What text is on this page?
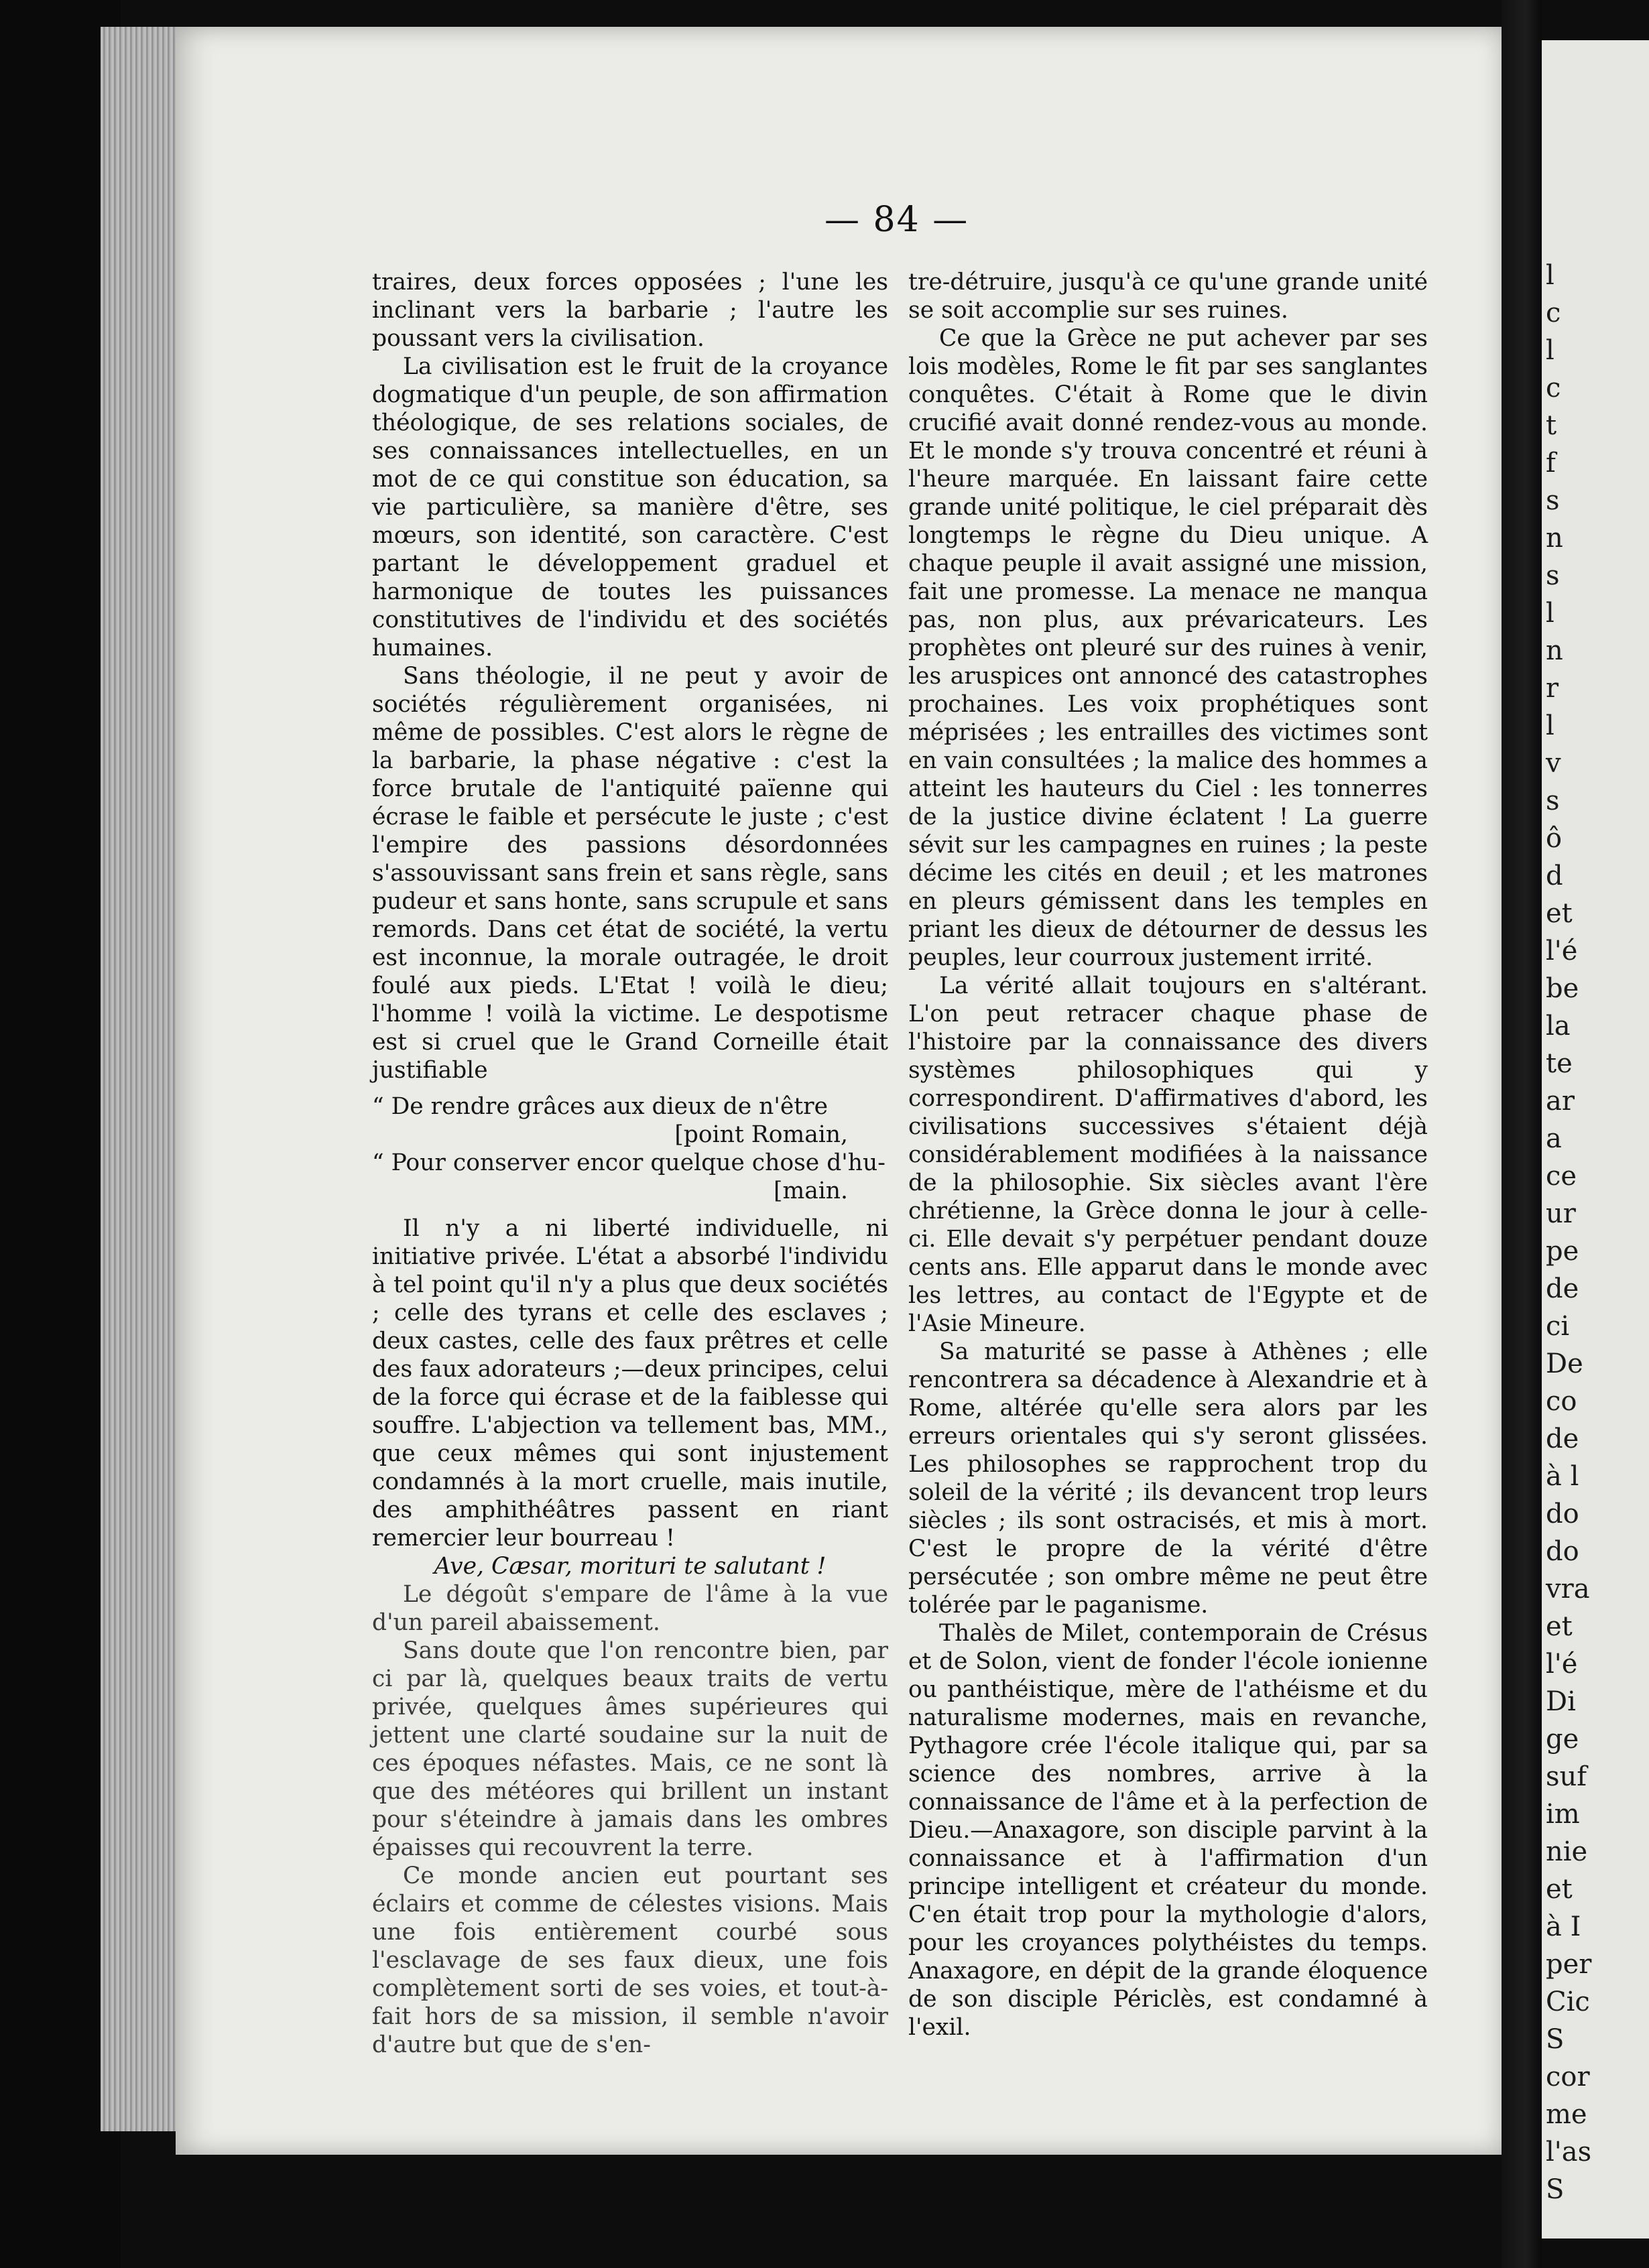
l
c
l
c
t
f
s
n
s
l
n
r
l
v
s
ô
d
et
l'é
be
la
te
ar
a
ce
ur
pe
de
ci
De
co
de
à l
do
do
vra
et
l'é
Di
ge
suf
im
nie
et
à I
per
Cic
S
cor
me
l'as
S
— 84 —

traires, deux forces opposées ; l'une les inclinant vers la barbarie ; l'autre les poussant vers la civilisation.

La civilisation est le fruit de la croyance dogmatique d'un peuple, de son affirmation théologique, de ses relations sociales, de ses connaissances intellectuelles, en un mot de ce qui constitue son éducation, sa vie particulière, sa manière d'être, ses mœurs, son identité, son caractère. C'est partant le développement graduel et harmonique de toutes les puissances constitutives de l'individu et des sociétés humaines.

Sans théologie, il ne peut y avoir de sociétés régulièrement organisées, ni même de possibles. C'est alors le règne de la barbarie, la phase négative : c'est la force brutale de l'antiquité païenne qui écrase le faible et persécute le juste ; c'est l'empire des passions désordonnées s'assouvissant sans frein et sans règle, sans pudeur et sans honte, sans scrupule et sans remords. Dans cet état de société, la vertu est inconnue, la morale outragée, le droit foulé aux pieds. L'Etat ! voilà le dieu; l'homme ! voilà la victime. Le despotisme est si cruel que le Grand Corneille était justifiable

“ De rendre grâces aux dieux de n'être
[point Romain,
“ Pour conserver encor quelque chose d'hu-
[main.

Il n'y a ni liberté individuelle, ni initiative privée. L'état a absorbé l'individu à tel point qu'il n'y a plus que deux sociétés ; celle des tyrans et celle des esclaves ; deux castes, celle des faux prêtres et celle des faux adorateurs ;—deux principes, celui de la force qui écrase et de la faiblesse qui souffre. L'abjection va tellement bas, MM., que ceux mêmes qui sont injustement condamnés à la mort cruelle, mais inutile, des amphithéâtres passent en riant remercier leur bourreau !

Ave, Cæsar, morituri te salutant !

Le dégoût s'empare de l'âme à la vue d'un pareil abaissement.

Sans doute que l'on rencontre bien, par ci par là, quelques beaux traits de vertu privée, quelques âmes supérieures qui jettent une clarté soudaine sur la nuit de ces époques néfastes. Mais, ce ne sont là que des météores qui brillent un instant pour s'éteindre à jamais dans les ombres épaisses qui recouvrent la terre.

Ce monde ancien eut pourtant ses éclairs et comme de célestes visions. Mais une fois entièrement courbé sous l'esclavage de ses faux dieux, une fois complètement sorti de ses voies, et tout-à-fait hors de sa mission, il semble n'avoir d'autre but que de s'en-

tre-détruire, jusqu'à ce qu'une grande unité se soit accomplie sur ses ruines.

Ce que la Grèce ne put achever par ses lois modèles, Rome le fit par ses sanglantes conquêtes. C'était à Rome que le divin crucifié avait donné rendez-vous au monde. Et le monde s'y trouva concentré et réuni à l'heure marquée. En laissant faire cette grande unité politique, le ciel préparait dès longtemps le règne du Dieu unique. A chaque peuple il avait assigné une mission, fait une promesse. La menace ne manqua pas, non plus, aux prévaricateurs. Les prophètes ont pleuré sur des ruines à venir, les aruspices ont annoncé des catastrophes prochaines. Les voix prophétiques sont méprisées ; les entrailles des victimes sont en vain consultées ; la malice des hommes a atteint les hauteurs du Ciel : les tonnerres de la justice divine éclatent ! La guerre sévit sur les campagnes en ruines ; la peste décime les cités en deuil ; et les matrones en pleurs gémissent dans les temples en priant les dieux de détourner de dessus les peuples, leur courroux justement irrité.

La vérité allait toujours en s'altérant. L'on peut retracer chaque phase de l'histoire par la connaissance des divers systèmes philosophiques qui y correspondirent. D'affirmatives d'abord, les civilisations successives s'étaient déjà considérablement modifiées à la naissance de la philosophie. Six siècles avant l'ère chrétienne, la Grèce donna le jour à celle-ci. Elle devait s'y perpétuer pendant douze cents ans. Elle apparut dans le monde avec les lettres, au contact de l'Egypte et de l'Asie Mineure.

Sa maturité se passe à Athènes ; elle rencontrera sa décadence à Alexandrie et à Rome, altérée qu'elle sera alors par les erreurs orientales qui s'y seront glissées. Les philosophes se rapprochent trop du soleil de la vérité ; ils devancent trop leurs siècles ; ils sont ostracisés, et mis à mort. C'est le propre de la vérité d'être persécutée ; son ombre même ne peut être tolérée par le paganisme.

Thalès de Milet, contemporain de Crésus et de Solon, vient de fonder l'école ionienne ou panthéistique, mère de l'athéisme et du naturalisme modernes, mais en revanche, Pythagore crée l'école italique qui, par sa science des nombres, arrive à la connaissance de l'âme et à la perfection de Dieu.—Anaxagore, son disciple parvint à la connaissance et à l'affirmation d'un principe intelligent et créateur du monde. C'en était trop pour la mythologie d'alors, pour les croyances polythéistes du temps. Anaxagore, en dépit de la grande éloquence de son disciple Périclès, est condamné à l'exil.
